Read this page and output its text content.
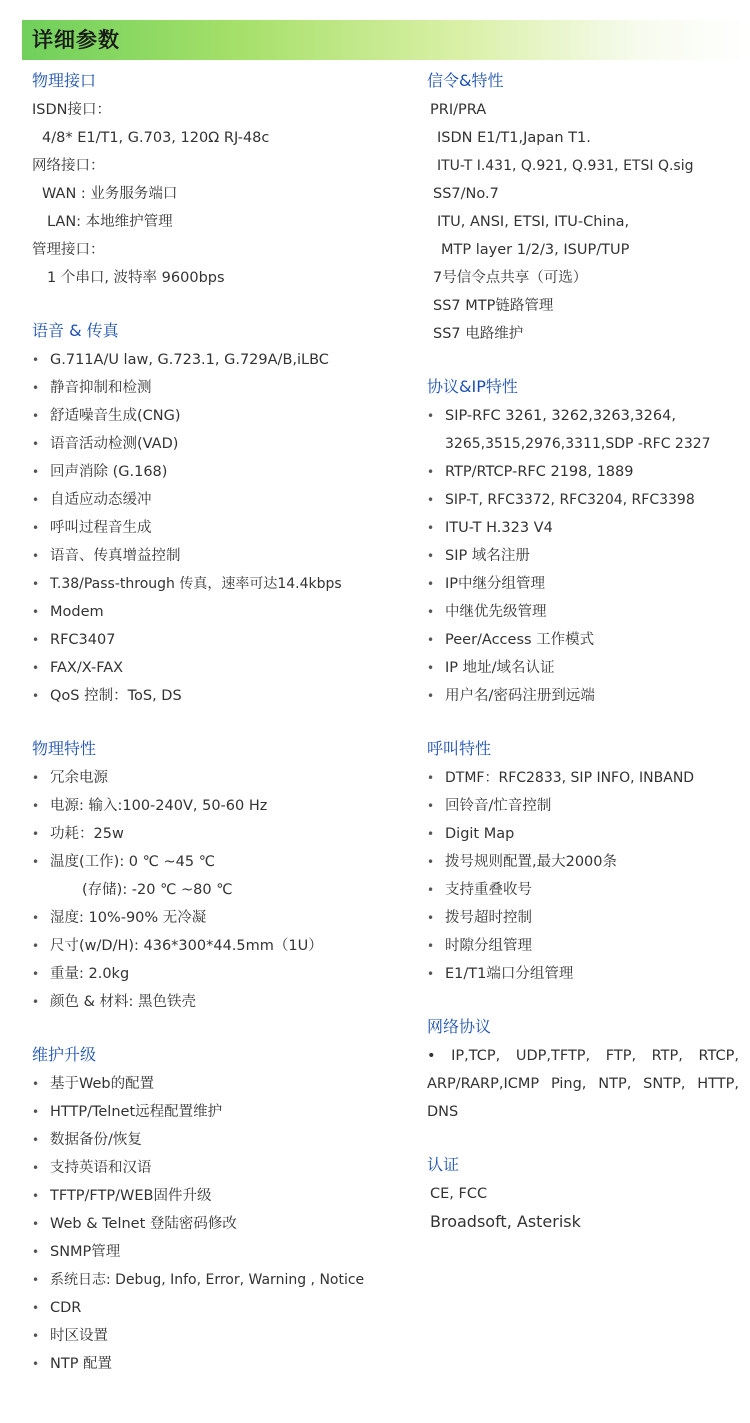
详细参数
物理接口
ISDN接口：
4/8* E1/T1, G.703, 120Ω RJ-48c
网络接口：
WAN : 业务服务端口
LAN: 本地维护管理
管理接口：
1 个串口, 波特率 9600bps
语音 & 传真
• G.711A/U law, G.723.1, G.729A/B,iLBC
• 静音抑制和检测
• 舒适噪音生成(CNG)
• 语音活动检测(VAD)
• 回声消除 (G.168)
• 自适应动态缓冲
• 呼叫过程音生成
• 语音、传真增益控制
• T.38/Pass-through 传真，速率可达14.4kbps
• Modem
• RFC3407
• FAX/X-FAX
• QoS 控制：ToS, DS
物理特性
• 冗余电源
• 电源: 输入:100-240V, 50-60 Hz
• 功耗：25w
• 温度(工作): 0 ℃ ~45 ℃
(存储): -20 ℃ ~80 ℃
• 湿度: 10%-90% 无冷凝
• 尺寸(w/D/H): 436*300*44.5mm（1U）
• 重量: 2.0kg
• 颜色 & 材料: 黑色铁壳
维护升级
• 基于Web的配置
• HTTP/Telnet远程配置维护
• 数据备份/恢复
• 支持英语和汉语
• TFTP/FTP/WEB固件升级
• Web & Telnet 登陆密码修改
• SNMP管理
• 系统日志: Debug, Info, Error, Warning , Notice
• CDR
• 时区设置
• NTP 配置
信令&特性
PRI/PRA
ISDN E1/T1,Japan T1.
ITU-T I.431, Q.921, Q.931, ETSI Q.sig
SS7/No.7
ITU, ANSI, ETSI, ITU-China,
MTP layer 1/2/3, ISUP/TUP
7号信令点共享（可选）
SS7 MTP链路管理
SS7 电路维护
协议&IP特性
• SIP-RFC 3261, 3262,3263,3264,
3265,3515,2976,3311,SDP -RFC 2327
• RTP/RTCP-RFC 2198, 1889
• SIP-T, RFC3372, RFC3204, RFC3398
• ITU-T H.323 V4
• SIP 域名注册
• IP中继分组管理
• 中继优先级管理
• Peer/Access 工作模式
• IP 地址/域名认证
• 用户名/密码注册到远端
呼叫特性
• DTMF：RFC2833, SIP INFO, INBAND
• 回铃音/忙音控制
• Digit Map
• 拨号规则配置,最大2000条
• 支持重叠收号
• 拨号超时控制
• 时隙分组管理
• E1/T1端口分组管理
网络协议
• IP,TCP, UDP,TFTP, FTP, RTP, RTCP,
ARP/RARP,ICMP Ping, NTP, SNTP, HTTP,
DNS
认证
CE, FCC
Broadsoft, Asterisk
